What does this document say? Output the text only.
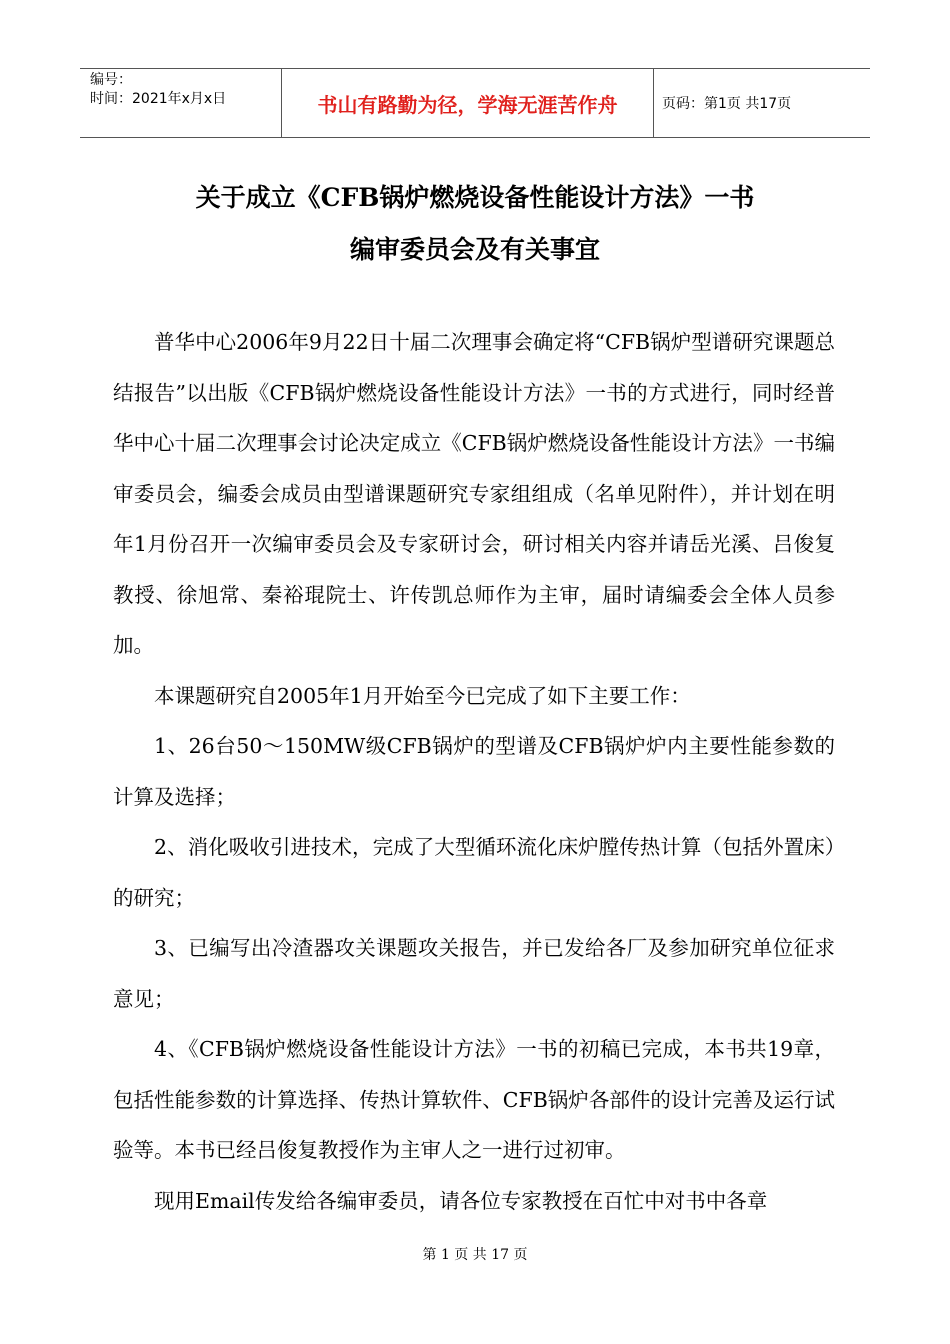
编号：
时间：2021年x月x日	书山有路勤为径，学海无涯苦作舟	页码：第1页 共17页
关于成立《CFB锅炉燃烧设备性能设计方法》一书
编审委员会及有关事宜

普华中心2006年9月22日十届二次理事会确定将“CFB锅炉型谱研究课题总结报告”以出版《CFB锅炉燃烧设备性能设计方法》一书的方式进行，同时经普华中心十届二次理事会讨论决定成立《CFB锅炉燃烧设备性能设计方法》一书编审委员会，编委会成员由型谱课题研究专家组组成（名单见附件），并计划在明年1月份召开一次编审委员会及专家研讨会，研讨相关内容并请岳光溪、吕俊复教授、徐旭常、秦裕琨院士、许传凯总师作为主审，届时请编委会全体人员参加。

本课题研究自2005年1月开始至今已完成了如下主要工作：

1、26台50～150MW级CFB锅炉的型谱及CFB锅炉炉内主要性能参数的计算及选择；

2、消化吸收引进技术，完成了大型循环流化床炉膛传热计算（包括外置床）的研究；

3、已编写出冷渣器攻关课题攻关报告，并已发给各厂及参加研究单位征求意见；

4、《CFB锅炉燃烧设备性能设计方法》一书的初稿已完成，本书共19章，包括性能参数的计算选择、传热计算软件、CFB锅炉各部件的设计完善及运行试验等。本书已经吕俊复教授作为主审人之一进行过初审。

现用Email传发给各编审委员，请各位专家教授在百忙中对书中各章

第 1 页 共 17 页
